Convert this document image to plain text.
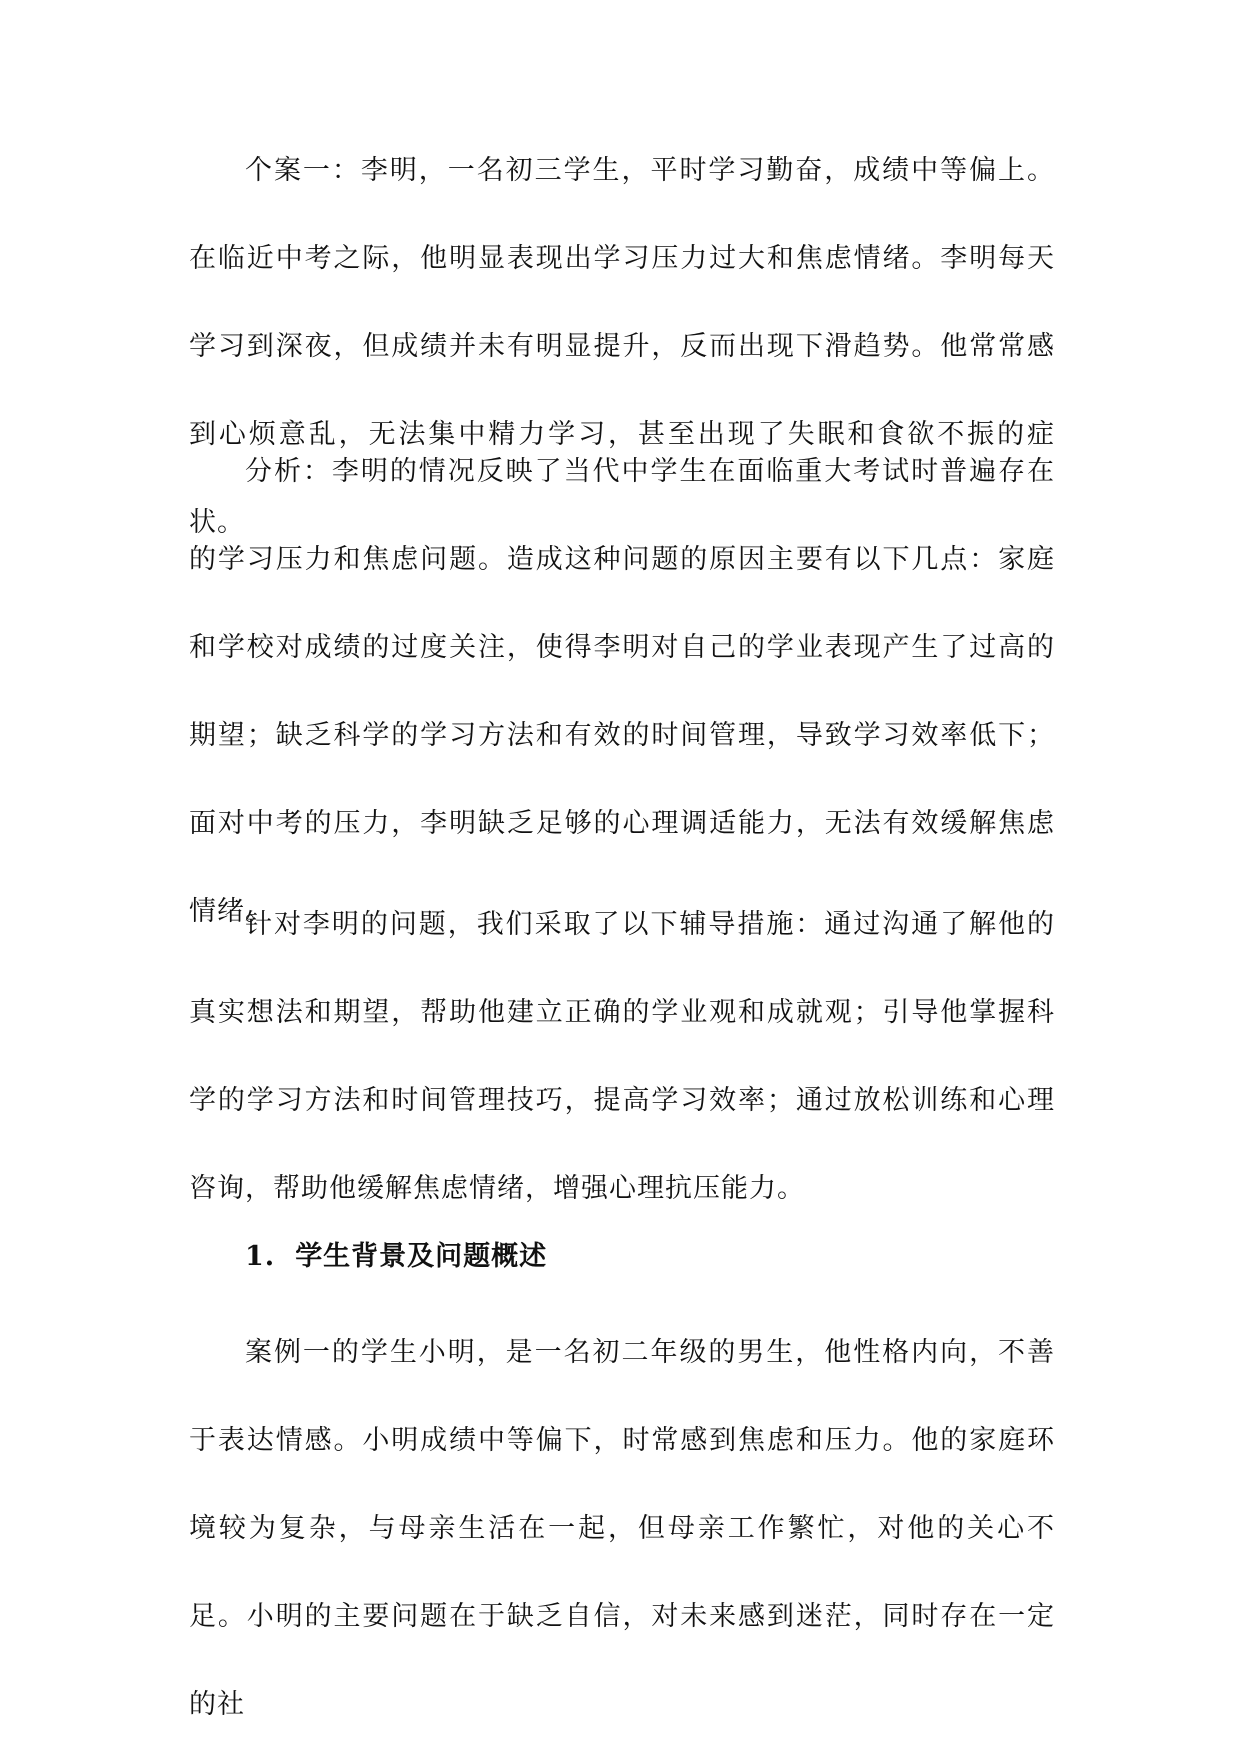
个案一：李明，一名初三学生，平时学习勤奋，成绩中等偏上。在临近中考之际，他明显表现出学习压力过大和焦虑情绪。李明每天学习到深夜，但成绩并未有明显提升，反而出现下滑趋势。他常常感到心烦意乱，无法集中精力学习，甚至出现了失眠和食欲不振的症状。

分析：李明的情况反映了当代中学生在面临重大考试时普遍存在的学习压力和焦虑问题。造成这种问题的原因主要有以下几点：家庭和学校对成绩的过度关注，使得李明对自己的学业表现产生了过高的期望；缺乏科学的学习方法和有效的时间管理，导致学习效率低下；面对中考的压力，李明缺乏足够的心理调适能力，无法有效缓解焦虑情绪。

针对李明的问题，我们采取了以下辅导措施：通过沟通了解他的真实想法和期望，帮助他建立正确的学业观和成就观；引导他掌握科学的学习方法和时间管理技巧，提高学习效率；通过放松训练和心理咨询，帮助他缓解焦虑情绪，增强心理抗压能力。

1. 学生背景及问题概述

案例一的学生小明，是一名初二年级的男生，他性格内向，不善于表达情感。小明成绩中等偏下，时常感到焦虑和压力。他的家庭环境较为复杂，与母亲生活在一起，但母亲工作繁忙，对他的关心不足。小明的主要问题在于缺乏自信，对未来感到迷茫，同时存在一定的社
